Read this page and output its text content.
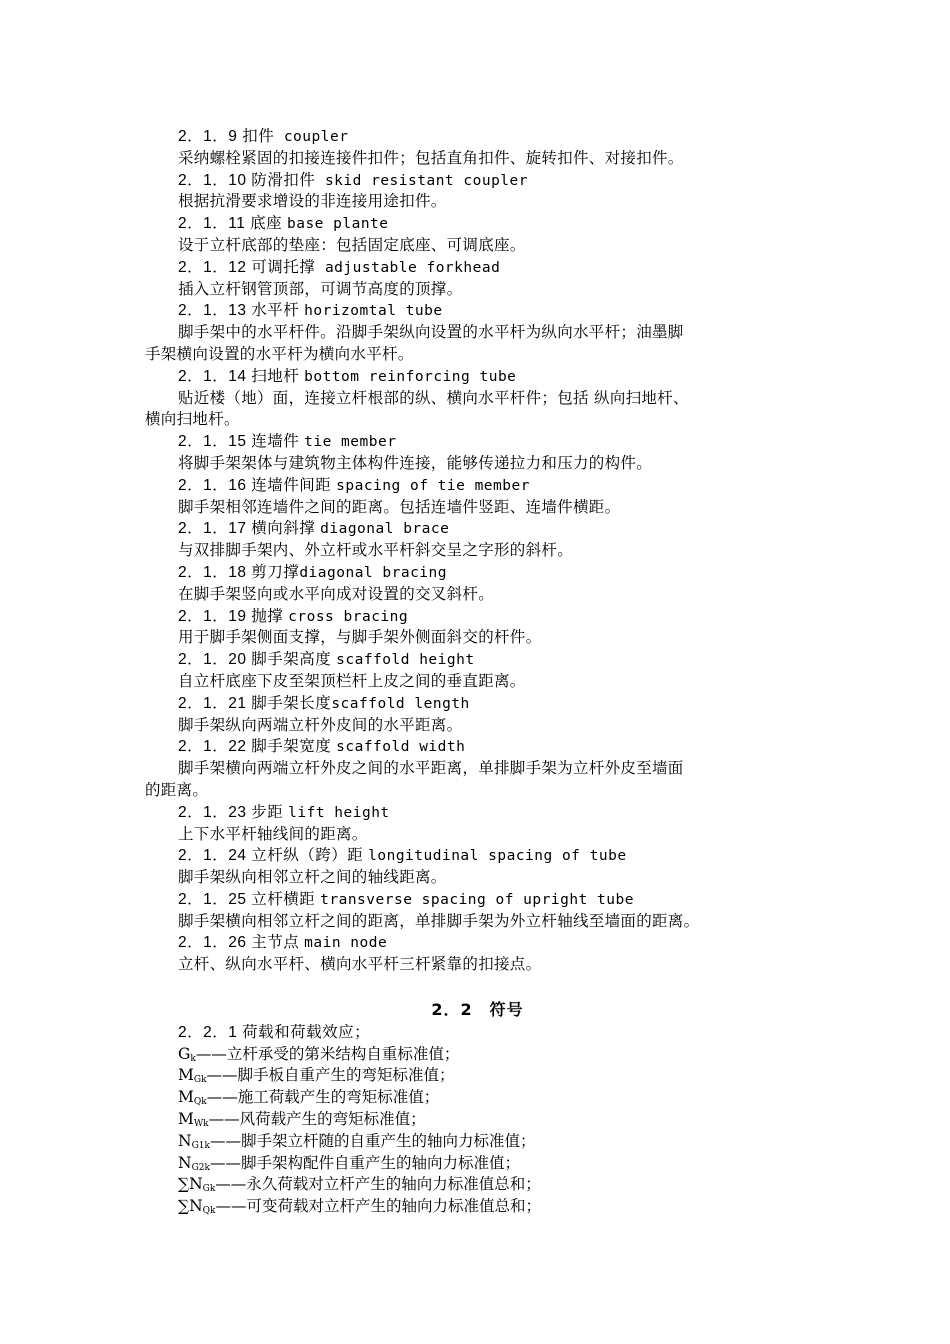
2．1．9 扣件 coupler
采纳螺栓紧固的扣接连接件扣件；包括直角扣件、旋转扣件、对接扣件。
2．1．10 防滑扣件 skid resistant coupler
根据抗滑要求增设的非连接用途扣件。
2．1．11 底座 base plante
设于立杆底部的垫座：包括固定底座、可调底座。
2．1．12 可调托撑 adjustable forkhead
插入立杆钢管顶部，可调节高度的顶撑。
2．1．13 水平杆 horizomtal tube
脚手架中的水平杆件。沿脚手架纵向设置的水平杆为纵向水平杆；油墨脚
手架横向设置的水平杆为横向水平杆。
2．1．14 扫地杆 bottom reinforcing tube
贴近楼（地）面，连接立杆根部的纵、横向水平杆件；包括 纵向扫地杆、
横向扫地杆。
2．1．15 连墙件 tie member
将脚手架架体与建筑物主体构件连接，能够传递拉力和压力的构件。
2．1．16 连墙件间距 spacing of tie member
脚手架相邻连墙件之间的距离。包括连墙件竖距、连墙件横距。
2．1．17 横向斜撑 diagonal brace
与双排脚手架内、外立杆或水平杆斜交呈之字形的斜杆。
2．1．18 剪刀撑diagonal bracing
在脚手架竖向或水平向成对设置的交叉斜杆。
2．1．19 抛撑 cross bracing
用于脚手架侧面支撑，与脚手架外侧面斜交的杆件。
2．1．20 脚手架高度 scaffold height
自立杆底座下皮至架顶栏杆上皮之间的垂直距离。
2．1．21 脚手架长度scaffold length
脚手架纵向两端立杆外皮间的水平距离。
2．1．22 脚手架宽度 scaffold width
脚手架横向两端立杆外皮之间的水平距离，单排脚手架为立杆外皮至墙面
的距离。
2．1．23 步距 lift height
上下水平杆轴线间的距离。
2．1．24 立杆纵（跨）距 longitudinal spacing of tube
脚手架纵向相邻立杆之间的轴线距离。
2．1．25 立杆横距 transverse spacing of upright tube
脚手架横向相邻立杆之间的距离，单排脚手架为外立杆轴线至墙面的距离。
2．1．26 主节点 main node
立杆、纵向水平杆、横向水平杆三杆紧靠的扣接点。
2．2　符号
2．2．1 荷载和荷载效应；
$G_k——$立杆承受的第米结构自重标准值；
$M_{Gk}——$脚手板自重产生的弯矩标准值；
$M_{Qk}——$施工荷载产生的弯矩标准值；
$M_{Wk}——$风荷载产生的弯矩标准值；
$N_{G1k}——$脚手架立杆随的自重产生的轴向力标准值；
$N_{G2k}——$脚手架构配件自重产生的轴向力标准值；
$\sum N_{Gk}——$永久荷载对立杆产生的轴向力标准值总和；
$\sum N_{Qk}——$可变荷载对立杆产生的轴向力标准值总和；
